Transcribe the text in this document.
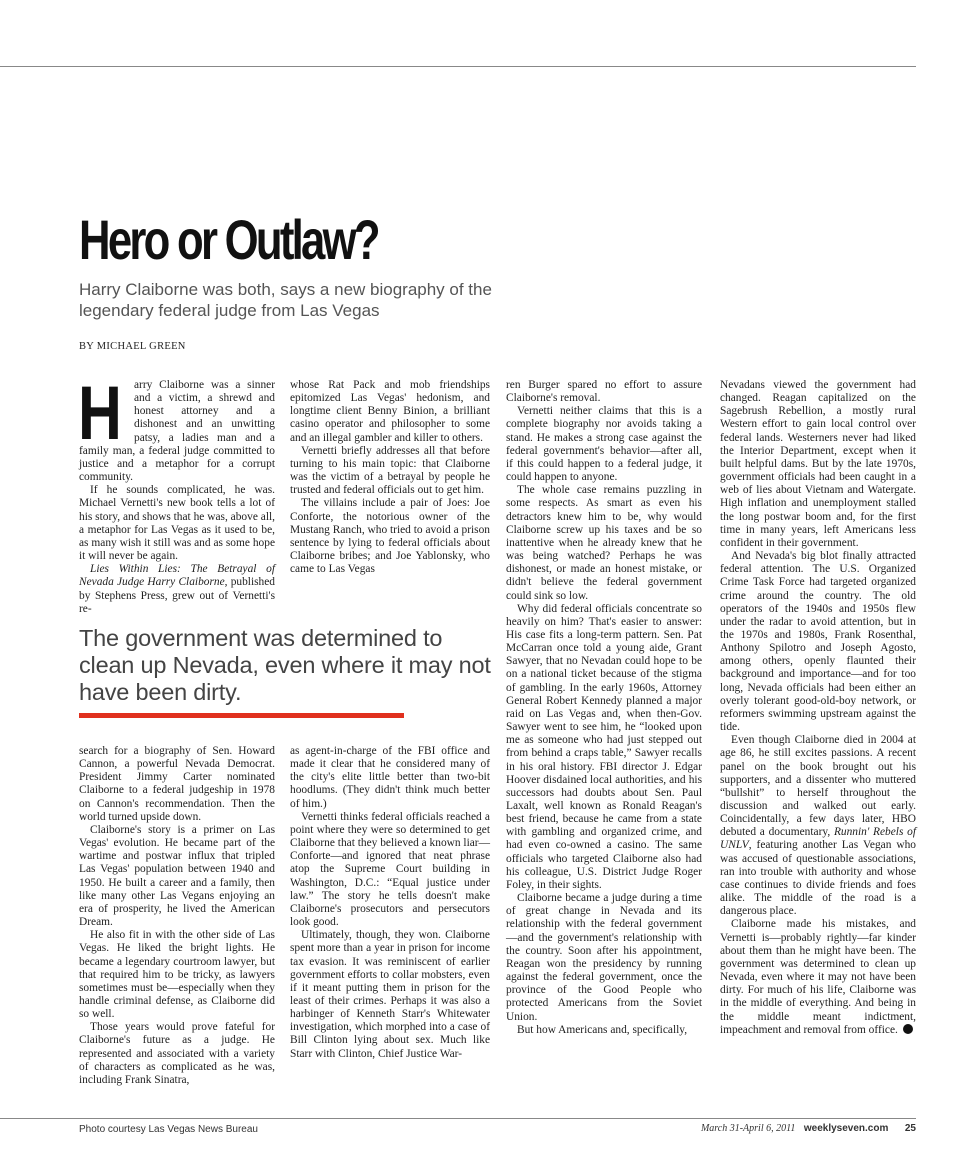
Hero or Outlaw?
Harry Claiborne was both, says a new biography of the legendary federal judge from Las Vegas
BY MICHAEL GREEN
H	arry Claiborne was a sinner and a victim, a shrewd and honest attorney and a dishonest and an unwitting patsy, a ladies man and a family man, a federal judge committed to justice and a metaphor for a corrupt community.

If he sounds complicated, he was. Michael Vernetti's new book tells a lot of his story, and shows that he was, above all, a metaphor for Las Vegas as it used to be, as many wish it still was and as some hope it will never be again.

Lies Within Lies: The Betrayal of Nevada Judge Harry Claiborne, published by Stephens Press, grew out of Vernetti's re-

whose Rat Pack and mob friendships epitomized Las Vegas' hedonism, and longtime client Benny Binion, a brilliant casino operator and philosopher to some and an illegal gambler and killer to others.

Vernetti briefly addresses all that before turning to his main topic: that Claiborne was the victim of a betrayal by people he trusted and federal officials out to get him.

The villains include a pair of Joes: Joe Conforte, the notorious owner of the Mustang Ranch, who tried to avoid a prison sentence by lying to federal officials about Claiborne bribes; and Joe Yablonsky, who came to Las Vegas

The government was determined to clean up Nevada, even where it may not have been dirty.

search for a biography of Sen. Howard Cannon, a powerful Nevada Democrat. President Jimmy Carter nominated Claiborne to a federal judgeship in 1978 on Cannon's recommendation. Then the world turned upside down.

Claiborne's story is a primer on Las Vegas' evolution. He became part of the wartime and postwar influx that tripled Las Vegas' population between 1940 and 1950. He built a career and a family, then like many other Las Vegans enjoying an era of prosperity, he lived the American Dream.

He also fit in with the other side of Las Vegas. He liked the bright lights. He became a legendary courtroom lawyer, but that required him to be tricky, as lawyers sometimes must be—especially when they handle criminal defense, as Claiborne did so well.

Those years would prove fateful for Claiborne's future as a judge. He represented and associated with a variety of characters as complicated as he was, including Frank Sinatra,

as agent-in-charge of the FBI office and made it clear that he considered many of the city's elite little better than two-bit hoodlums. (They didn't think much better of him.)

Vernetti thinks federal officials reached a point where they were so determined to get Claiborne that they believed a known liar—Conforte—and ignored that neat phrase atop the Supreme Court building in Washington, D.C.: “Equal justice under law.” The story he tells doesn't make Claiborne's prosecutors and persecutors look good.

Ultimately, though, they won. Claiborne spent more than a year in prison for income tax evasion. It was reminiscent of earlier government efforts to collar mobsters, even if it meant putting them in prison for the least of their crimes. Perhaps it was also a harbinger of Kenneth Starr's Whitewater investigation, which morphed into a case of Bill Clinton lying about sex. Much like Starr with Clinton, Chief Justice War-

ren Burger spared no effort to assure Claiborne's removal.

Vernetti neither claims that this is a complete biography nor avoids taking a stand. He makes a strong case against the federal government's behavior—after all, if this could happen to a federal judge, it could happen to anyone.

The whole case remains puzzling in some respects. As smart as even his detractors knew him to be, why would Claiborne screw up his taxes and be so inattentive when he already knew that he was being watched? Perhaps he was dishonest, or made an honest mistake, or didn't believe the federal government could sink so low.

Why did federal officials concentrate so heavily on him? That's easier to answer: His case fits a long-term pattern. Sen. Pat McCarran once told a young aide, Grant Sawyer, that no Nevadan could hope to be on a national ticket because of the stigma of gambling. In the early 1960s, Attorney General Robert Kennedy planned a major raid on Las Vegas and, when then-Gov. Sawyer went to see him, he “looked upon me as someone who had just stepped out from behind a craps table,” Sawyer recalls in his oral history. FBI director J. Edgar Hoover disdained local authorities, and his successors had doubts about Sen. Paul Laxalt, well known as Ronald Reagan's best friend, because he came from a state with gambling and organized crime, and had even co-owned a casino. The same officials who targeted Claiborne also had his colleague, U.S. District Judge Roger Foley, in their sights.

Claiborne became a judge during a time of great change in Nevada and its relationship with the federal government—and the government's relationship with the country. Soon after his appointment, Reagan won the presidency by running against the federal government, once the province of the Good People who protected Americans from the Soviet Union.

But how Americans and, specifically,

Nevadans viewed the government had changed. Reagan capitalized on the Sagebrush Rebellion, a mostly rural Western effort to gain local control over federal lands. Westerners never had liked the Interior Department, except when it built helpful dams. But by the late 1970s, government officials had been caught in a web of lies about Vietnam and Watergate. High inflation and unemployment stalled the long postwar boom and, for the first time in many years, left Americans less confident in their government.

And Nevada's big blot finally attracted federal attention. The U.S. Organized Crime Task Force had targeted organized crime around the country. The old operators of the 1940s and 1950s flew under the radar to avoid attention, but in the 1970s and 1980s, Frank Rosenthal, Anthony Spilotro and Joseph Agosto, among others, openly flaunted their background and importance—and for too long, Nevada officials had been either an overly tolerant good-old-boy network, or reformers swimming upstream against the tide.

Even though Claiborne died in 2004 at age 86, he still excites passions. A recent panel on the book brought out his supporters, and a dissenter who muttered “bullshit” to herself throughout the discussion and walked out early. Coincidentally, a few days later, HBO debuted a documentary, Runnin' Rebels of UNLV, featuring another Las Vegan who was accused of questionable associations, ran into trouble with authority and whose case continues to divide friends and foes alike. The middle of the road is a dangerous place.

Claiborne made his mistakes, and Vernetti is—probably rightly—far kinder about them than he might have been. The government was determined to clean up Nevada, even where it may not have been dirty. For much of his life, Claiborne was in the middle of everything. And being in the middle meant indictment, impeachment and removal from office.

Photo courtesy Las Vegas News Bureau	March 31-April 6, 2011 weeklyseven.com 25
